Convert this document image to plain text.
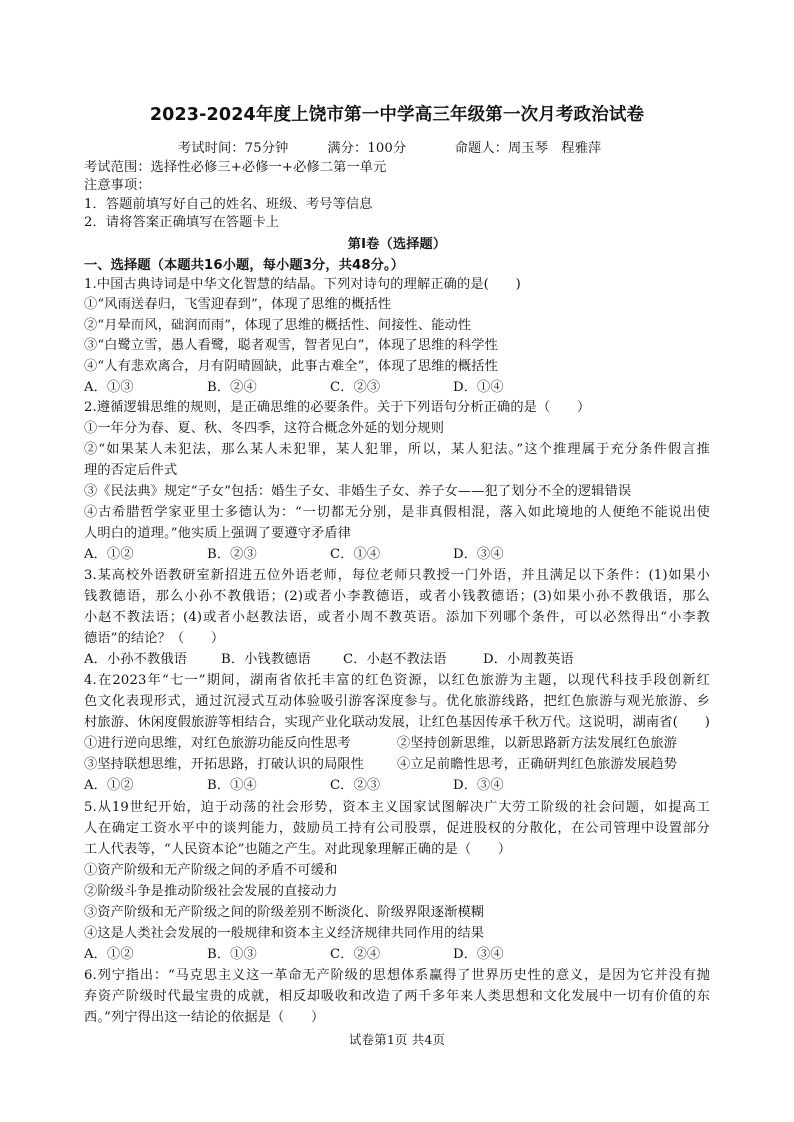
2023-2024年度上饶市第一中学高三年级第一次月考政治试卷
考试时间：75分钟	满分：100分	命题人：周玉琴　程雅萍
考试范围：选择性必修三+必修一+必修二第一单元
注意事项：
1．答题前填写好自己的姓名、班级、考号等信息
2．请将答案正确填写在答题卡上
第Ⅰ卷（选择题）
一、选择题（本题共16小题，每小题3分，共48分。）
1.中国古典诗词是中华文化智慧的结晶。下列对诗句的理解正确的是(　　)
①“风雨送春归，飞雪迎春到”，体现了思维的概括性
②“月晕而风，础润而雨”，体现了思维的概括性、间接性、能动性
③“白鹭立雪，愚人看鹭，聪者观雪，智者见白”，体现了思维的科学性
④“人有悲欢离合，月有阴晴圆缺，此事古难全”，体现了思维的概括性
A．①③	B．②④	C．②③	D．①④
2.遵循逻辑思维的规则，是正确思维的必要条件。关于下列语句分析正确的是（　　）
①一年分为春、夏、秋、冬四季，这符合概念外延的划分规则
②“如果某人未犯法，那么某人未犯罪，某人犯罪，所以，某人犯法。”这个推理属于充分条件假言推
理的否定后件式
③《民法典》规定“子女”包括：婚生子女、非婚生子女、养子女——犯了划分不全的逻辑错误
④古希腊哲学家亚里士多德认为：“一切都无分别，是非真假相混，落入如此境地的人便绝不能说出使
人明白的道理。”他实质上强调了要遵守矛盾律
A．①②	B．②③	C．①④	D．③④
3.某高校外语教研室新招进五位外语老师，每位老师只教授一门外语，并且满足以下条件：(1)如果小
钱教德语，那么小孙不教俄语；(2)或者小李教德语，或者小钱教德语；(3)如果小孙不教俄语，那么
小赵不教法语；(4)或者小赵教法语，或者小周不教英语。添加下列哪个条件，可以必然得出“小李教
德语”的结论？（　　）
A．小孙不教俄语	B．小钱教德语 C．小赵不教法语	D．小周教英语
4.在2023年“七一”期间，湖南省依托丰富的红色资源，以红色旅游为主题，以现代科技手段创新红
色文化表现形式，通过沉浸式互动体验吸引游客深度参与。优化旅游线路，把红色旅游与观光旅游、乡
村旅游、休闲度假旅游等相结合，实现产业化联动发展，让红色基因传承千秋万代。这说明，湖南省(　　)
①进行逆向思维，对红色旅游功能反向性思考	②坚持创新思维，以新思路新方法发展红色旅游
③坚持联想思维，开拓思路，打破认识的局限性 ④立足前瞻性思考，正确研判红色旅游发展趋势
A．①②	B．①④	C．②③	D．③④
5.从19世纪开始，迫于动荡的社会形势，资本主义国家试图解决广大劳工阶级的社会问题，如提高工
人在确定工资水平中的谈判能力，鼓励员工持有公司股票，促进股权的分散化，在公司管理中设置部分
工人代表等，“人民资本论”也随之产生。对此现象理解正确的是（　　）
①资产阶级和无产阶级之间的矛盾不可缓和
②阶级斗争是推动阶级社会发展的直接动力
③资产阶级和无产阶级之间的阶级差别不断淡化、阶级界限逐渐模糊
④这是人类社会发展的一般规律和资本主义经济规律共同作用的结果
A．①②	B．①③	C．②④	D．③④
6.列宁指出：“马克思主义这一革命无产阶级的思想体系赢得了世界历史性的意义，是因为它并没有抛
弃资产阶级时代最宝贵的成就，相反却吸收和改造了两千多年来人类思想和文化发展中一切有价值的东
西。”列宁得出这一结论的依据是（　　）
试卷第1页 共4页
